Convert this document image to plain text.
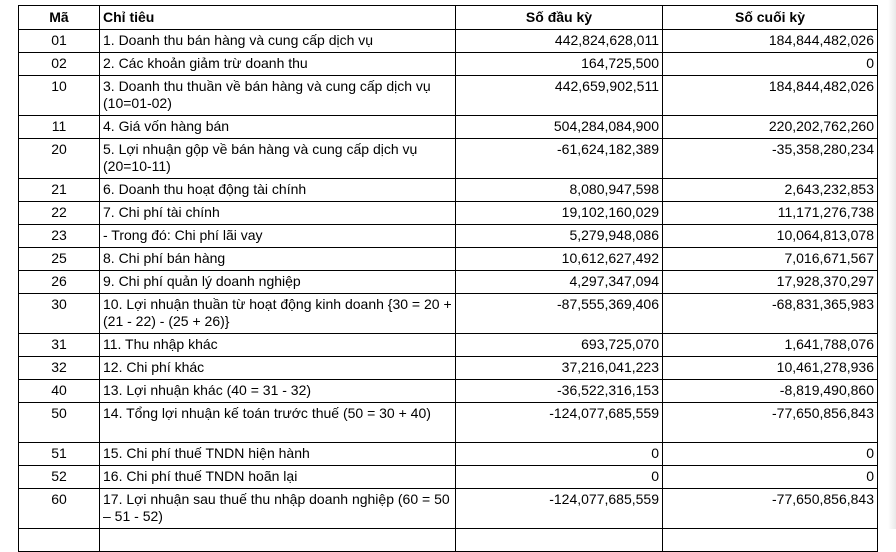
Mã	Chỉ tiêu	Số đầu kỳ	Số cuối kỳ
01	1. Doanh thu bán hàng và cung cấp dịch vụ	442,824,628,011	184,844,482,026
02	2. Các khoản giảm trừ doanh thu	164,725,500	0
10	3. Doanh thu thuần về bán hàng và cung cấp dịch vụ (10=01-02)	442,659,902,511	184,844,482,026
11	4. Giá vốn hàng bán	504,284,084,900	220,202,762,260
20	5. Lợi nhuận gộp về bán hàng và cung cấp dịch vụ (20=10-11)	-61,624,182,389	-35,358,280,234
21	6. Doanh thu hoạt động tài chính	8,080,947,598	2,643,232,853
22	7. Chi phí tài chính	19,102,160,029	11,171,276,738
23	- Trong đó: Chi phí lãi vay	5,279,948,086	10,064,813,078
25	8. Chi phí bán hàng	10,612,627,492	7,016,671,567
26	9. Chi phí quản lý doanh nghiệp	4,297,347,094	17,928,370,297
30	10. Lợi nhuận thuần từ hoạt động kinh doanh {30 = 20 + (21 - 22) - (25 + 26)}	-87,555,369,406	-68,831,365,983
31	11. Thu nhập khác	693,725,070	1,641,788,076
32	12. Chi phí khác	37,216,041,223	10,461,278,936
40	13. Lợi nhuận khác (40 = 31 - 32)	-36,522,316,153	-8,819,490,860
50	14. Tổng lợi nhuận kế toán trước thuế (50 = 30 + 40)	-124,077,685,559	-77,650,856,843
51	15. Chi phí thuế TNDN hiện hành	0	0
52	16. Chi phí thuế TNDN hoãn lại	0	0
60	17. Lợi nhuận sau thuế thu nhập doanh nghiệp (60 = 50 – 51 - 52)	-124,077,685,559	-77,650,856,843
